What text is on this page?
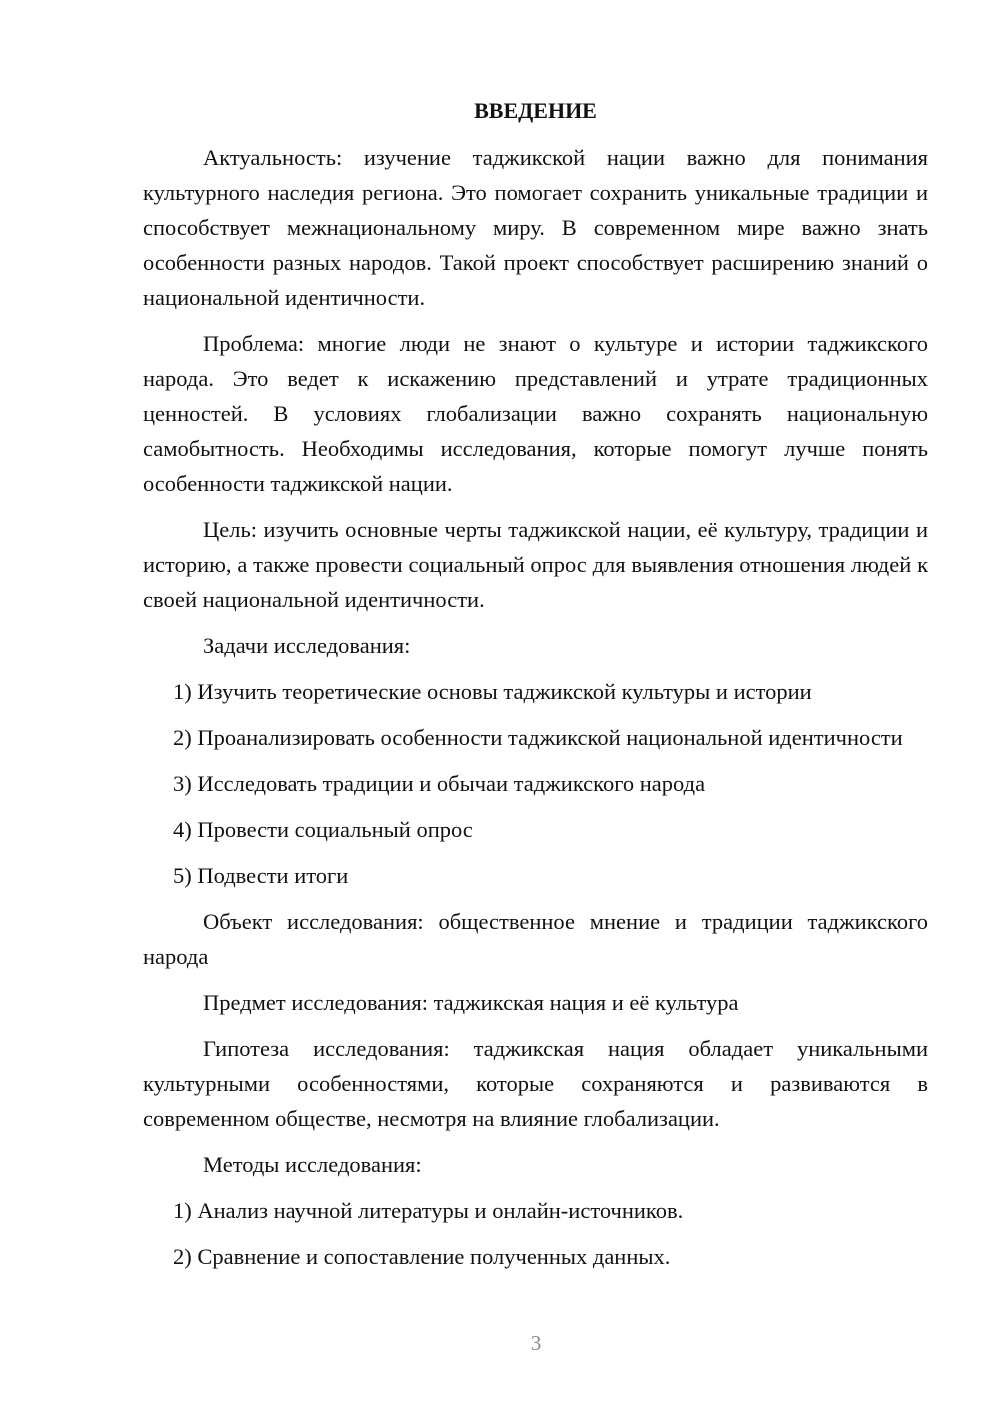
ВВЕДЕНИЕ

Актуальность: изучение таджикской нации важно для понимания культурного наследия региона. Это помогает сохранить уникальные традиции и способствует межнациональному миру. В современном мире важно знать особенности разных народов. Такой проект способствует расширению знаний о национальной идентичности.

Проблема: многие люди не знают о культуре и истории таджикского народа. Это ведет к искажению представлений и утрате традиционных ценностей. В условиях глобализации важно сохранять национальную самобытность. Необходимы исследования, которые помогут лучше понять особенности таджикской нации.

Цель: изучить основные черты таджикской нации, её культуру, традиции и историю, а также провести социальный опрос для выявления отношения людей к своей национальной идентичности.

Задачи исследования:

1) Изучить теоретические основы таджикской культуры и истории

2) Проанализировать особенности таджикской национальной идентичности

3) Исследовать традиции и обычаи таджикского народа

4) Провести социальный опрос

5) Подвести итоги

Объект исследования: общественное мнение и традиции таджикского народа

Предмет исследования: таджикская нация и её культура

Гипотеза исследования: таджикская нация обладает уникальными культурными особенностями, которые сохраняются и развиваются в современном обществе, несмотря на влияние глобализации.

Методы исследования:

1) Анализ научной литературы и онлайн-источников.

2) Сравнение и сопоставление полученных данных.

3
